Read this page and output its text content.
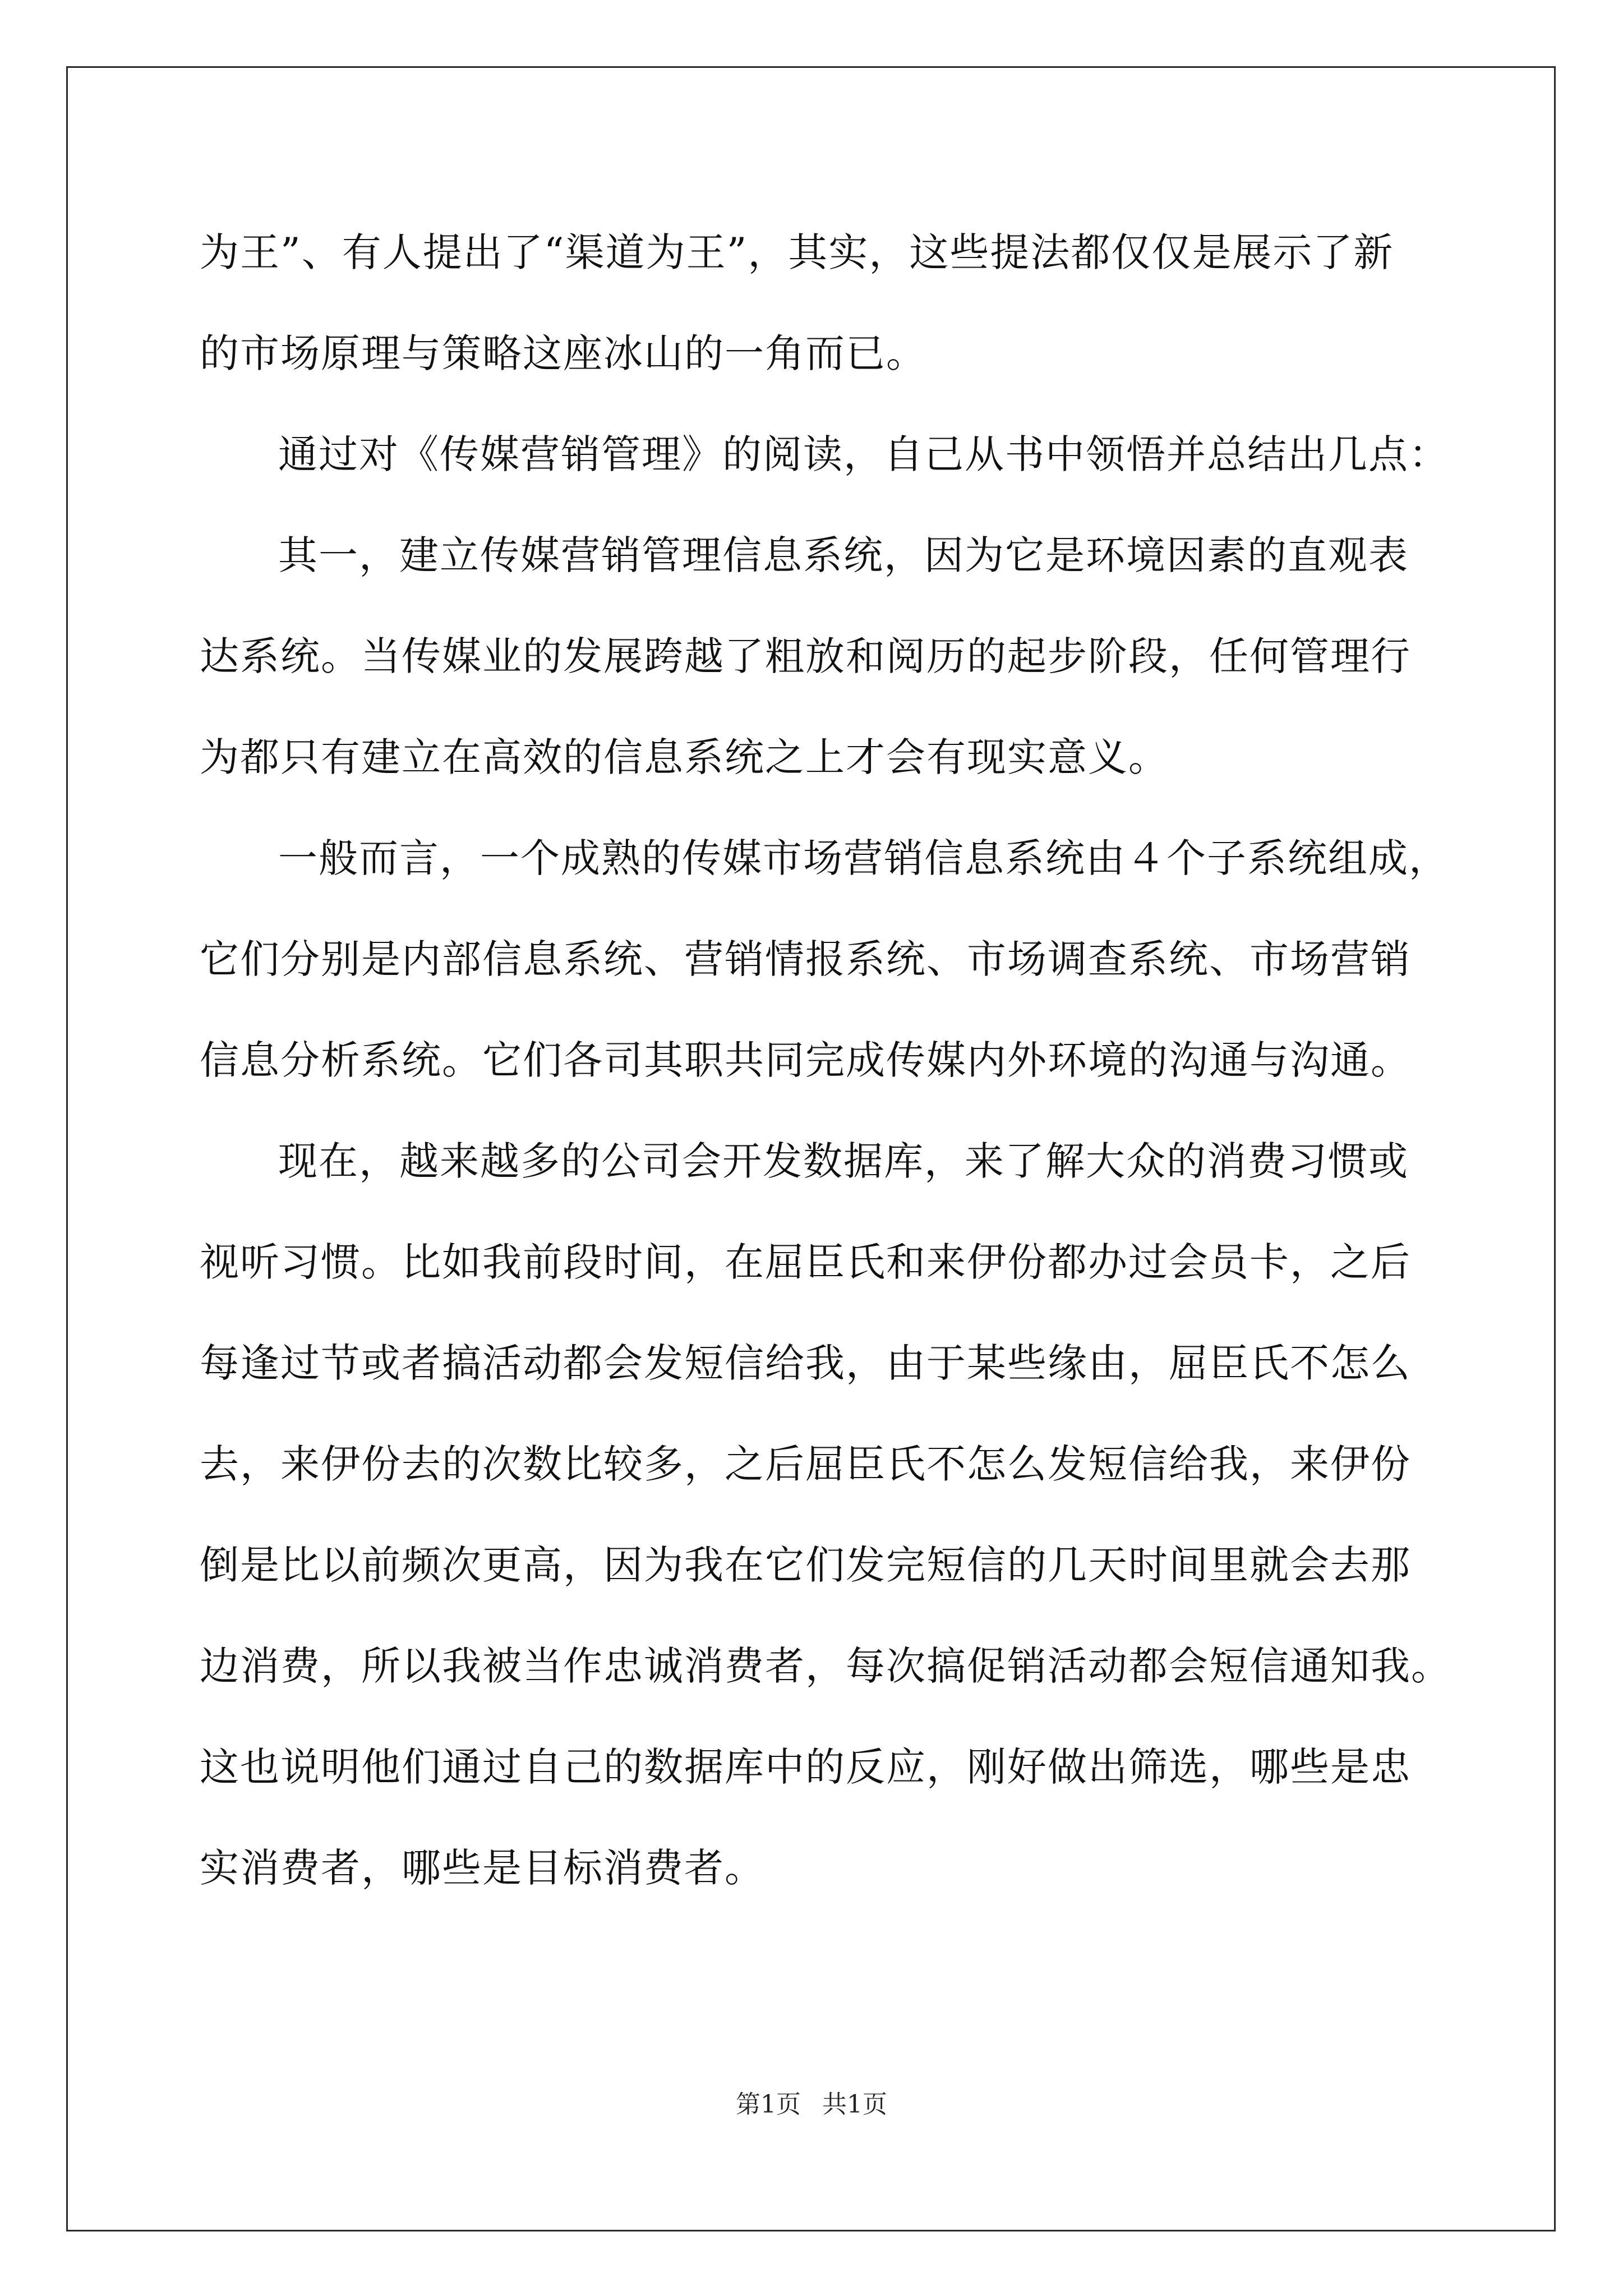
为王”、有人提出了“渠道为王”，其实，这些提法都仅仅是展示了新
的市场原理与策略这座冰山的一角而已。
通过对《传媒营销管理》的阅读，自己从书中领悟并总结出几点：
其一，建立传媒营销管理信息系统，因为它是环境因素的直观表
达系统。当传媒业的发展跨越了粗放和阅历的起步阶段，任何管理行
为都只有建立在高效的信息系统之上才会有现实意义。
一般而言，一个成熟的传媒市场营销信息系统由４个子系统组成，
它们分别是内部信息系统、营销情报系统、市场调查系统、市场营销
信息分析系统。它们各司其职共同完成传媒内外环境的沟通与沟通。
现在，越来越多的公司会开发数据库，来了解大众的消费习惯或
视听习惯。比如我前段时间，在屈臣氏和来伊份都办过会员卡，之后
每逢过节或者搞活动都会发短信给我，由于某些缘由，屈臣氏不怎么
去，来伊份去的次数比较多，之后屈臣氏不怎么发短信给我，来伊份
倒是比以前频次更高，因为我在它们发完短信的几天时间里就会去那
边消费，所以我被当作忠诚消费者，每次搞促销活动都会短信通知我。
这也说明他们通过自己的数据库中的反应，刚好做出筛选，哪些是忠
实消费者，哪些是目标消费者。
第1页 共1页
